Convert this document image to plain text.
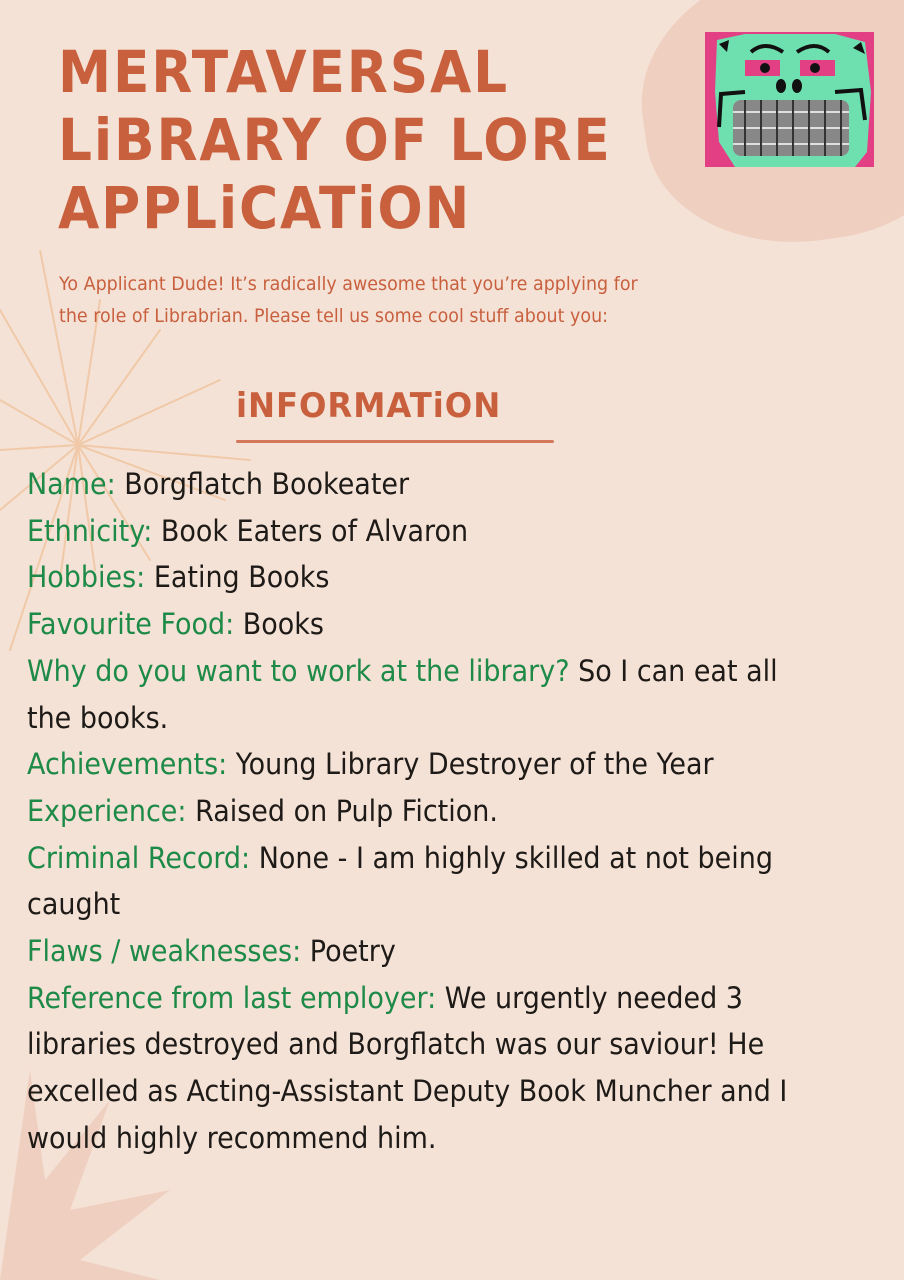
MERTAVERSAL
LiBRARY OF LORE
APPLiCATiON

Yo Applicant Dude! It’s radically awesome that you’re applying for the role of Librabrian. Please tell us some cool stuff about you:

iNFORMATiON

Name: Borgflatch Bookeater

Ethnicity: Book Eaters of Alvaron

Hobbies: Eating Books

Favourite Food: Books

Why do you want to work at the library? So I can eat all the books.

Achievements: Young Library Destroyer of the Year

Experience: Raised on Pulp Fiction.

Criminal Record: None - I am highly skilled at not being caught

Flaws / weaknesses: Poetry

Reference from last employer: We urgently needed 3 libraries destroyed and Borgflatch was our saviour! He excelled as Acting-Assistant Deputy Book Muncher and I would highly recommend him.
